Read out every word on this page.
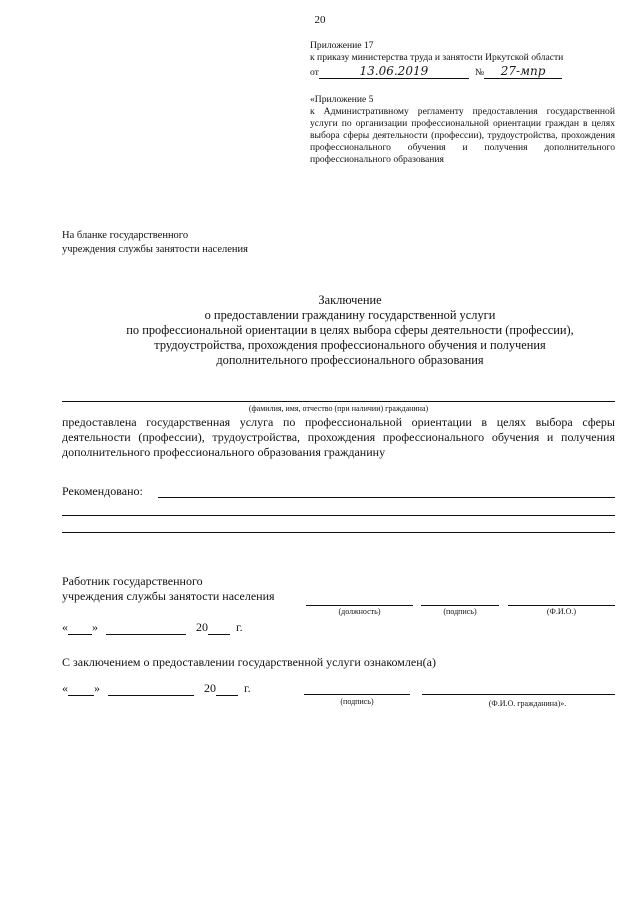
20
Приложение 17
к приказу министерства труда и занятости Иркутской области
от	13.06.2019	№	27-мпр
«Приложение 5
к Административному регламенту предоставления государственной услуги по организации профессиональной ориентации граждан в целях выбора сферы деятельности (профессии), трудоустройства, прохождения профессионального обучения и получения дополнительного профессионального образования
На бланке государственного
учреждения службы занятости населения
Заключение
о предоставлении гражданину государственной услуги
по профессиональной ориентации в целях выбора сферы деятельности (профессии),
трудоустройства, прохождения профессионального обучения и получения
дополнительного профессионального образования
(фамилия, имя, отчество (при наличии) гражданина)
предоставлена государственная услуга по профессиональной ориентации в целях выбора сферы деятельности (профессии), трудоустройства, прохождения профессионального обучения и получения дополнительного профессионального образования гражданину
Рекомендовано:
Работник государственного
учреждения службы занятости населения
(должность)	(подпись)	(Ф.И.О.)
« »	20 г.
С заключением о предоставлении государственной услуги ознакомлен(а)
« »	20 г.
(подпись)	(Ф.И.О. гражданина)».
